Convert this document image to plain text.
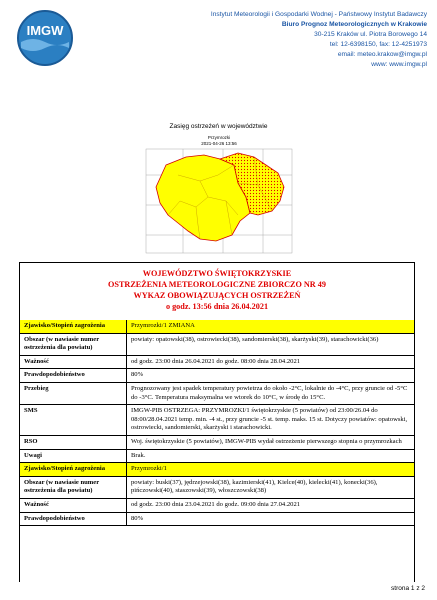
IMGW
Instytut Meteorologii i Gospodarki Wodnej - Państwowy Instytut Badawczy
Biuro Prognoz Meteorologicznych w Krakowie
30-215 Kraków ul. Piotra Borowego 14
tel: 12-6398150, fax: 12-4251973
email: meteo.krakow@imgw.pl
www: www.imgw.pl
Zasięg ostrzeżeń w województwie
Przymrozki
2021-04-26 13:56
WOJEWÓDZTWO ŚWIĘTOKRZYSKIE
OSTRZEŻENIA METEOROLOGICZNE ZBIORCZO NR 49
WYKAZ OBOWIĄZUJĄCYCH OSTRZEŻEŃ
o godz. 13:56 dnia 26.04.2021
Zjawisko/Stopień zagrożenia	Przymrozki/1 ZMIANA
Obszar (w nawiasie numer ostrzeżenia dla powiatu)	powiaty: opatowski(38), ostrowiecki(38), sandomierski(38), skarżyski(39), starachowicki(36)
Ważność	od godz. 23:00 dnia 26.04.2021 do godz. 08:00 dnia 28.04.2021
Prawdopodobieństwo	80%
Przebieg	Prognozowany jest spadek temperatury powietrza do około -2°C, lokalnie do -4°C, przy gruncie od -5°C do -3°C. Temperatura maksymalna we wtorek do 10°C, w środę do 15°C.
SMS	IMGW-PIB OSTRZEGA: PRZYMROZKI/1 świętokrzyskie (5 powiatów) od 23:00/26.04 do 08:00/28.04.2021 temp. min. -4 st., przy gruncie -5 st. temp. maks. 15 st. Dotyczy powiatów: opatowski, ostrowiecki, sandomierski, skarżyski i starachowicki.
RSO	Woj. świętokrzyskie (5 powiatów), IMGW-PIB wydał ostrzeżenie pierwszego stopnia o przymrozkach
Uwagi	Brak.
Zjawisko/Stopień zagrożenia	Przymrozki/1
Obszar (w nawiasie numer ostrzeżenia dla powiatu)	powiaty: buski(37), jędrzejowski(38), kazimierski(41), Kielce(40), kielecki(41), konecki(36), pińczowski(40), staszowski(39), włoszczowski(38)
Ważność	od godz. 23:00 dnia 23.04.2021 do godz. 09:00 dnia 27.04.2021
Prawdopodobieństwo	80%
strona 1 z 2
